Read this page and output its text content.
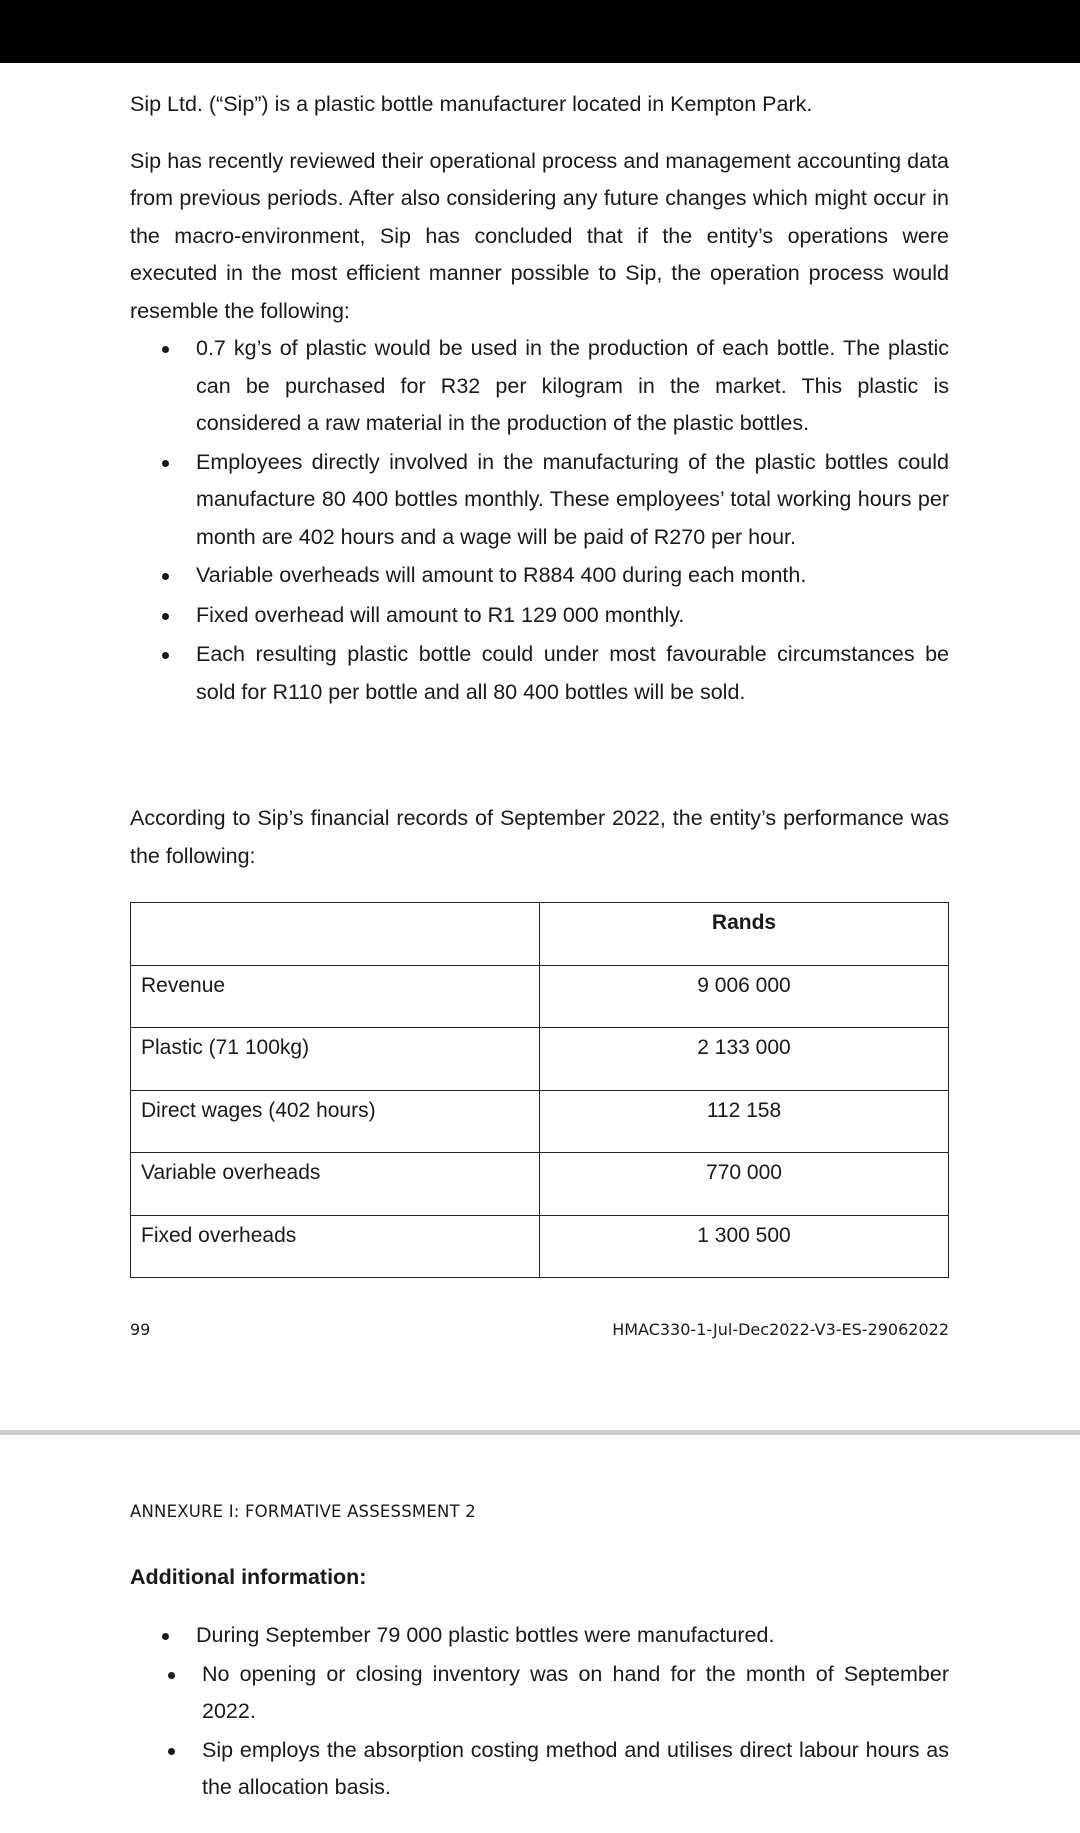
Sip Ltd. (“Sip”) is a plastic bottle manufacturer located in Kempton Park.

Sip has recently reviewed their operational process and management accounting data from previous periods. After also considering any future changes which might occur in the macro-environment, Sip has concluded that if the entity’s operations were executed in the most efficient manner possible to Sip, the operation process would resemble the following:

0.7 kg’s of plastic would be used in the production of each bottle. The plastic can be purchased for R32 per kilogram in the market. This plastic is considered a raw material in the production of the plastic bottles.
Employees directly involved in the manufacturing of the plastic bottles could manufacture 80 400 bottles monthly. These employees’ total working hours per month are 402 hours and a wage will be paid of R270 per hour.
Variable overheads will amount to R884 400 during each month.
Fixed overhead will amount to R1 129 000 monthly.
Each resulting plastic bottle could under most favourable circumstances be sold for R110 per bottle and all 80 400 bottles will be sold.

According to Sip’s financial records of September 2022, the entity’s performance was the following:

	Rands
Revenue	9 006 000
Plastic (71 100kg)	2 133 000
Direct wages (402 hours)	112 158
Variable overheads	770 000
Fixed overheads	1 300 500
99	HMAC330-1-Jul-Dec2022-V3-ES-29062022
ANNEXURE I: FORMATIVE ASSESSMENT 2
Additional information:
During September 79 000 plastic bottles were manufactured.
No opening or closing inventory was on hand for the month of September 2022.
Sip employs the absorption costing method and utilises direct labour hours as the allocation basis.
